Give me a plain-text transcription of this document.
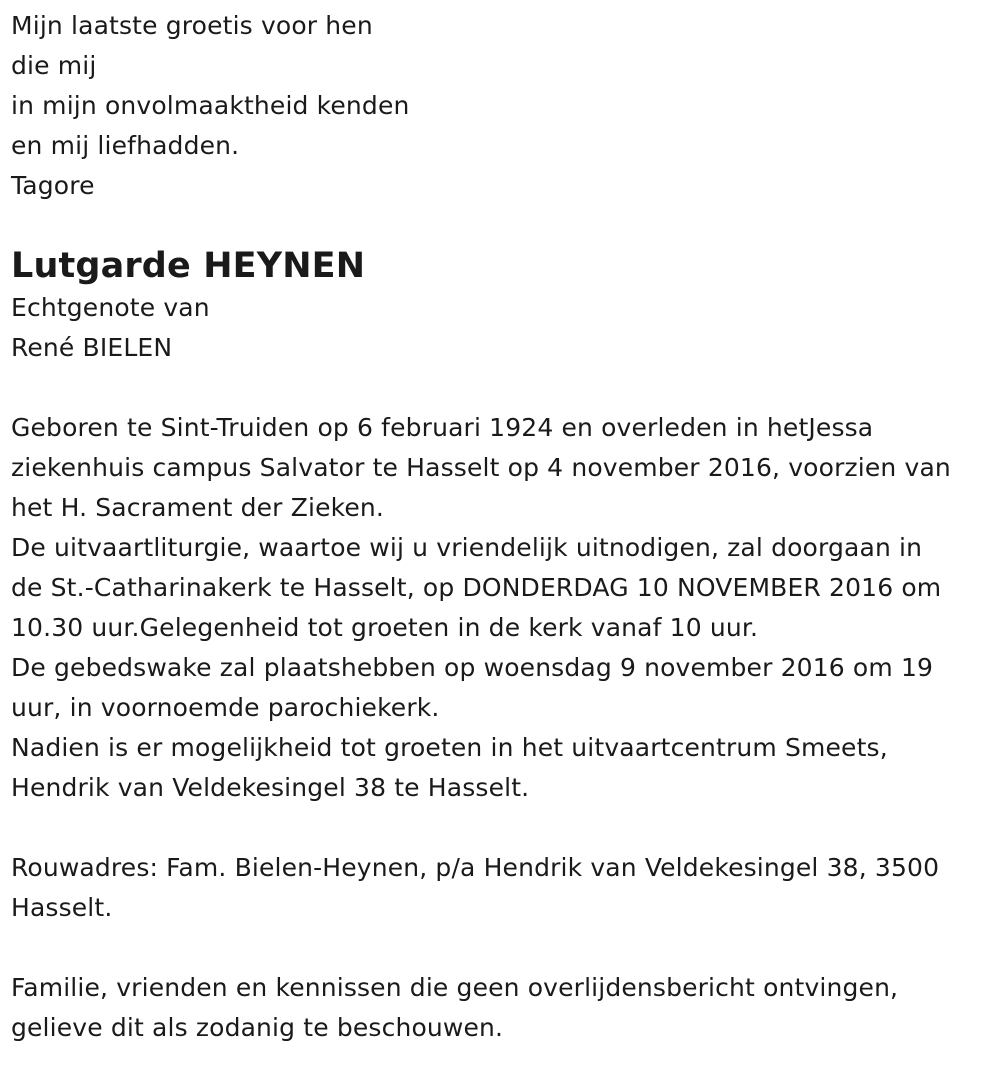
Mijn laatste groetis voor hen
die mij
in mijn onvolmaaktheid kenden
en mij liefhadden.
Tagore
Lutgarde HEYNEN
Echtgenote van
René BIELEN
Geboren te Sint-Truiden op 6 februari 1924 en overleden in hetJessa
ziekenhuis campus Salvator te Hasselt op 4 november 2016, voorzien van
het H. Sacrament der Zieken.
De uitvaartliturgie, waartoe wij u vriendelijk uitnodigen, zal doorgaan in
de St.-Catharinakerk te Hasselt, op DONDERDAG 10 NOVEMBER 2016 om
10.30 uur.Gelegenheid tot groeten in de kerk vanaf 10 uur.
De gebedswake zal plaatshebben op woensdag 9 november 2016 om 19
uur, in voornoemde parochiekerk.
Nadien is er mogelijkheid tot groeten in het uitvaartcentrum Smeets,
Hendrik van Veldekesingel 38 te Hasselt.
Rouwadres: Fam. Bielen-Heynen, p/a Hendrik van Veldekesingel 38, 3500
Hasselt.
Familie, vrienden en kennissen die geen overlijdensbericht ontvingen,
gelieve dit als zodanig te beschouwen.
